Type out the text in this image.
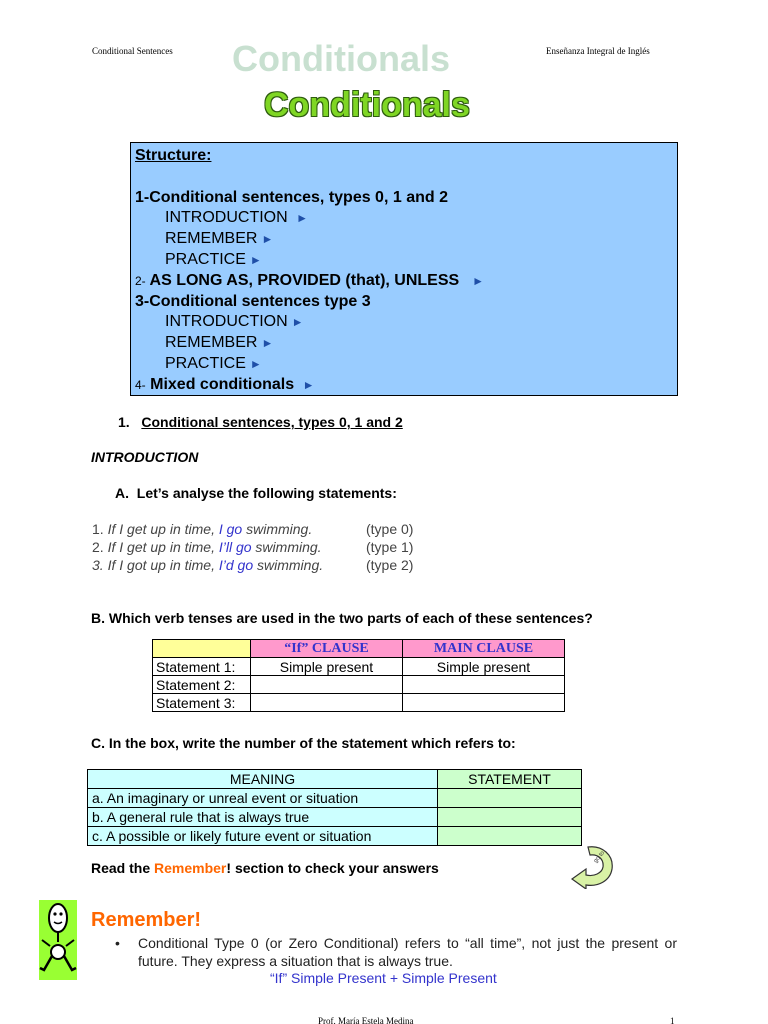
Conditional Sentences	Enseñanza Integral de Inglés
Conditionals
Conditionals
Structure:

1-Conditional sentences, types 0, 1 and 2
INTRODUCTION ►
REMEMBER ►
PRACTICE ►
2- AS LONG AS, PROVIDED (that), UNLESS ►
3-Conditional sentences type 3
INTRODUCTION ►
REMEMBER ►
PRACTICE ►
4- Mixed conditionals ►
1. Conditional sentences, types 0, 1 and 2
INTRODUCTION
A. Let’s analyse the following statements:
1. If I get up in time, I go swimming.	(type 0)
2. If I get up in time, I’ll go swimming.	(type 1)
3. If I got up in time, I’d go swimming.	(type 2)
B. Which verb tenses are used in the two parts of each of these sentences?
	“If” CLAUSE	MAIN CLAUSE
Statement 1:	Simple present	Simple present
Statement 2:		
Statement 3:		
C. In the box, write the number of the statement which refers to:
MEANING	STATEMENT
a. An imaginary or unreal event or situation	
b. A general rule that is always true	
c. A possible or likely future event or situation	
Read the Remember! section to check your answers
go to
Remember!
• Conditional Type 0 (or Zero Conditional) refers to “all time”, not just the present or future. They express a situation that is always true.
“If” Simple Present + Simple Present
Prof. María Estela Medina	1
